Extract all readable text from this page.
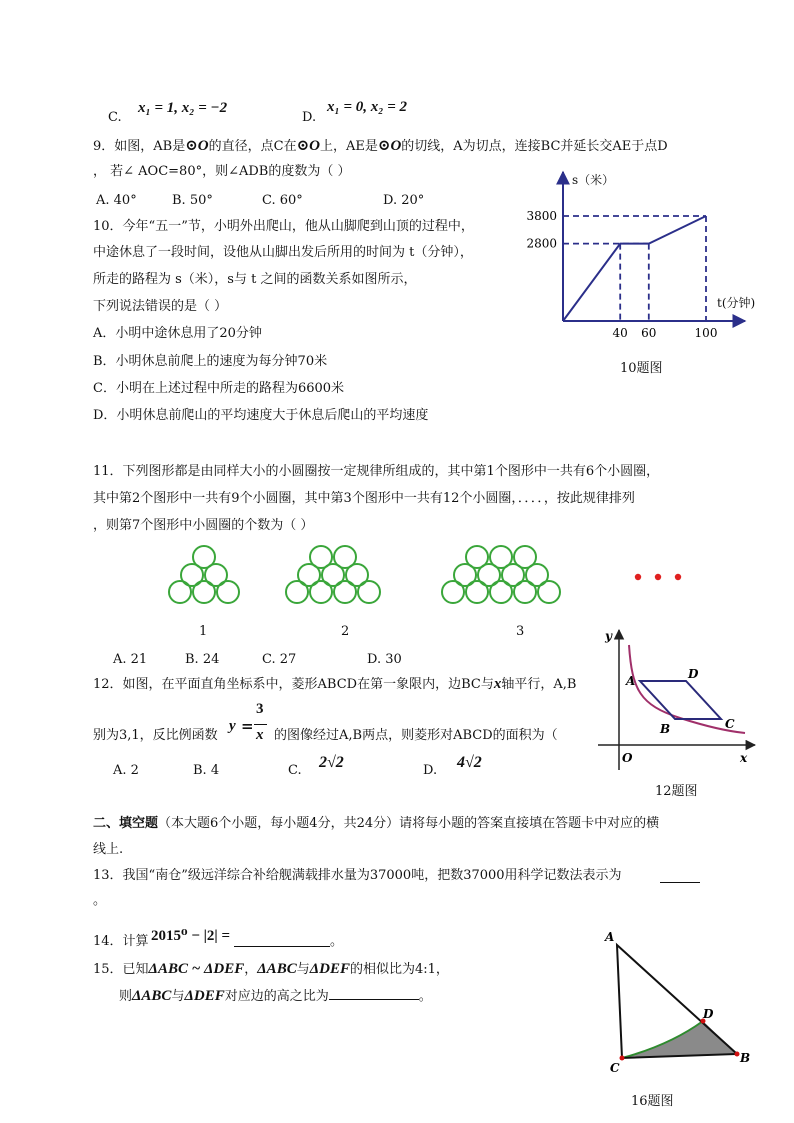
C.
x₁ = 1, x₂ = −2
D.
x₁ = 0, x₂ = 2
9．如图，AB是⊙O的直径，点C在⊙O上，AE是⊙O的切线，A为切点，连接BC并延长交AE于点D
， 若∠ AOC=80°，则∠ADB的度数为（ ）
A. 40°	B. 50°	C. 60°	D. 20°
10．今年“五一”节，小明外出爬山，他从山脚爬到山顶的过程中，
中途休息了一段时间，设他从山脚出发后所用的时间为 t（分钟），
所走的路程为 s（米），s与 t 之间的函数关系如图所示，
下列说法错误的是（ ）
A．小明中途休息用了20分钟
B．小明休息前爬上的速度为每分钟70米
C．小明在上述过程中所走的路程为6600米
D．小明休息前爬山的平均速度大于休息后爬山的平均速度
s（米）
t(分钟)
40 60	100
2800
3800
10题图
11．下列图形都是由同样大小的小圆圈按一定规律所组成的，其中第1个图形中一共有6个小圆圈，
其中第2个图形中一共有9个小圆圈，其中第3个图形中一共有12个小圆圈，．．．．，按此规律排列
，则第7个图形中小圆圈的个数为（ ）
1	2	3
A. 21	B. 24	C. 27	D. 30
12．如图，在平面直角坐标系中，菱形ABCD在第一象限内，边BC与x轴平行，A,B
别为3,1，反比例函数
y =
3
x 的图像经过A,B两点，则菱形对ABCD的面积为（
A. 2	B. 4	C. 2√2	D. 4√2
A
B	C
D
y
x
O
12题图
二、填空题（本大题6个小题，每小题4分，共24分）请将每小题的答案直接填在答题卡中对应的横
线上.
13．我国“南仓”级远洋综合补给舰满载排水量为37000吨，把数37000用科学记数法表示为
。
14．计算 2015⁰ − |2| =	。
15．已知ΔABC ~ ΔDEF，ΔABC与ΔDEF的相似比为4:1，
则ΔABC与ΔDEF对应边的高之比为	。
A
D
B
C
16题图
